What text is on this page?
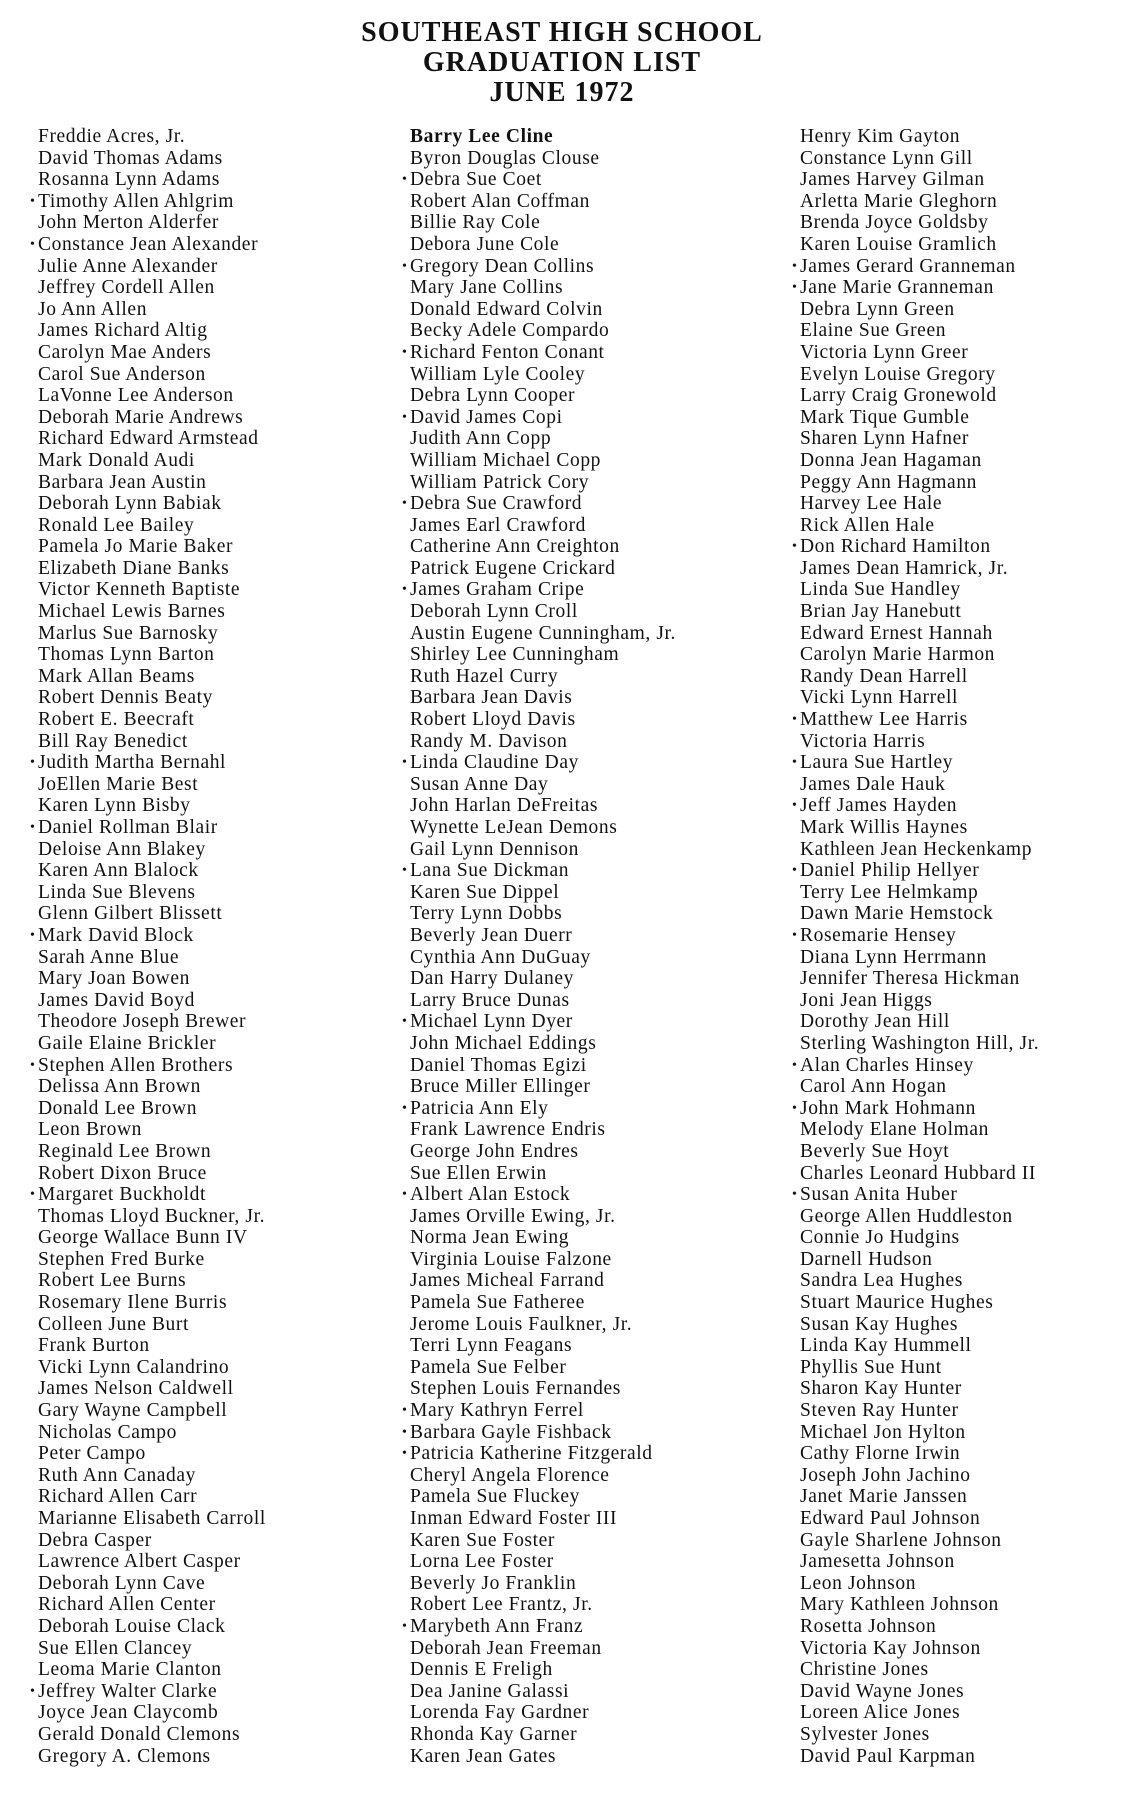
SOUTHEAST HIGH SCHOOL
GRADUATION LIST
JUNE 1972
Freddie Acres, Jr.
David Thomas Adams
Rosanna Lynn Adams
• Timothy Allen Ahlgrim
John Merton Alderfer
• Constance Jean Alexander
Julie Anne Alexander
Jeffrey Cordell Allen
Jo Ann Allen
James Richard Altig
Carolyn Mae Anders
Carol Sue Anderson
LaVonne Lee Anderson
Deborah Marie Andrews
Richard Edward Armstead
Mark Donald Audi
Barbara Jean Austin
Deborah Lynn Babiak
Ronald Lee Bailey
Pamela Jo Marie Baker
Elizabeth Diane Banks
Victor Kenneth Baptiste
Michael Lewis Barnes
Marlus Sue Barnosky
Thomas Lynn Barton
Mark Allan Beams
Robert Dennis Beaty
Robert E. Beecraft
Bill Ray Benedict
• Judith Martha Bernahl
JoEllen Marie Best
Karen Lynn Bisby
• Daniel Rollman Blair
Deloise Ann Blakey
Karen Ann Blalock
Linda Sue Blevens
Glenn Gilbert Blissett
• Mark David Block
Sarah Anne Blue
Mary Joan Bowen
James David Boyd
Theodore Joseph Brewer
Gaile Elaine Brickler
• Stephen Allen Brothers
Delissa Ann Brown
Donald Lee Brown
Leon Brown
Reginald Lee Brown
Robert Dixon Bruce
• Margaret Buckholdt
Thomas Lloyd Buckner, Jr.
George Wallace Bunn IV
Stephen Fred Burke
Robert Lee Burns
Rosemary Ilene Burris
Colleen June Burt
Frank Burton
Vicki Lynn Calandrino
James Nelson Caldwell
Gary Wayne Campbell
Nicholas Campo
Peter Campo
Ruth Ann Canaday
Richard Allen Carr
Marianne Elisabeth Carroll
Debra Casper
Lawrence Albert Casper
Deborah Lynn Cave
Richard Allen Center
Deborah Louise Clack
Sue Ellen Clancey
Leoma Marie Clanton
• Jeffrey Walter Clarke
Joyce Jean Claycomb
Gerald Donald Clemons
Gregory A. Clemons
Barry Lee Cline
Byron Douglas Clouse
• Debra Sue Coet
Robert Alan Coffman
Billie Ray Cole
Debora June Cole
• Gregory Dean Collins
Mary Jane Collins
Donald Edward Colvin
Becky Adele Compardo
• Richard Fenton Conant
William Lyle Cooley
Debra Lynn Cooper
• David James Copi
Judith Ann Copp
William Michael Copp
William Patrick Cory
• Debra Sue Crawford
James Earl Crawford
Catherine Ann Creighton
Patrick Eugene Crickard
• James Graham Cripe
Deborah Lynn Croll
Austin Eugene Cunningham, Jr.
Shirley Lee Cunningham
Ruth Hazel Curry
Barbara Jean Davis
Robert Lloyd Davis
Randy M. Davison
• Linda Claudine Day
Susan Anne Day
John Harlan DeFreitas
Wynette LeJean Demons
Gail Lynn Dennison
• Lana Sue Dickman
Karen Sue Dippel
Terry Lynn Dobbs
Beverly Jean Duerr
Cynthia Ann DuGuay
Dan Harry Dulaney
Larry Bruce Dunas
• Michael Lynn Dyer
John Michael Eddings
Daniel Thomas Egizi
Bruce Miller Ellinger
• Patricia Ann Ely
Frank Lawrence Endris
George John Endres
Sue Ellen Erwin
• Albert Alan Estock
James Orville Ewing, Jr.
Norma Jean Ewing
Virginia Louise Falzone
James Micheal Farrand
Pamela Sue Fatheree
Jerome Louis Faulkner, Jr.
Terri Lynn Feagans
Pamela Sue Felber
Stephen Louis Fernandes
• Mary Kathryn Ferrel
• Barbara Gayle Fishback
• Patricia Katherine Fitzgerald
Cheryl Angela Florence
Pamela Sue Fluckey
Inman Edward Foster III
Karen Sue Foster
Lorna Lee Foster
Beverly Jo Franklin
Robert Lee Frantz, Jr.
• Marybeth Ann Franz
Deborah Jean Freeman
Dennis E Freligh
Dea Janine Galassi
Lorenda Fay Gardner
Rhonda Kay Garner
Karen Jean Gates
Henry Kim Gayton
Constance Lynn Gill
James Harvey Gilman
Arletta Marie Gleghorn
Brenda Joyce Goldsby
Karen Louise Gramlich
• James Gerard Granneman
• Jane Marie Granneman
Debra Lynn Green
Elaine Sue Green
Victoria Lynn Greer
Evelyn Louise Gregory
Larry Craig Gronewold
Mark Tique Gumble
Sharen Lynn Hafner
Donna Jean Hagaman
Peggy Ann Hagmann
Harvey Lee Hale
Rick Allen Hale
• Don Richard Hamilton
James Dean Hamrick, Jr.
Linda Sue Handley
Brian Jay Hanebutt
Edward Ernest Hannah
Carolyn Marie Harmon
Randy Dean Harrell
Vicki Lynn Harrell
• Matthew Lee Harris
Victoria Harris
• Laura Sue Hartley
James Dale Hauk
• Jeff James Hayden
Mark Willis Haynes
Kathleen Jean Heckenkamp
• Daniel Philip Hellyer
Terry Lee Helmkamp
Dawn Marie Hemstock
• Rosemarie Hensey
Diana Lynn Herrmann
Jennifer Theresa Hickman
Joni Jean Higgs
Dorothy Jean Hill
Sterling Washington Hill, Jr.
• Alan Charles Hinsey
Carol Ann Hogan
• John Mark Hohmann
Melody Elane Holman
Beverly Sue Hoyt
Charles Leonard Hubbard II
• Susan Anita Huber
George Allen Huddleston
Connie Jo Hudgins
Darnell Hudson
Sandra Lea Hughes
Stuart Maurice Hughes
Susan Kay Hughes
Linda Kay Hummell
Phyllis Sue Hunt
Sharon Kay Hunter
Steven Ray Hunter
Michael Jon Hylton
Cathy Florne Irwin
Joseph John Jachino
Janet Marie Janssen
Edward Paul Johnson
Gayle Sharlene Johnson
Jamesetta Johnson
Leon Johnson
Mary Kathleen Johnson
Rosetta Johnson
Victoria Kay Johnson
Christine Jones
David Wayne Jones
Loreen Alice Jones
Sylvester Jones
David Paul Karpman
